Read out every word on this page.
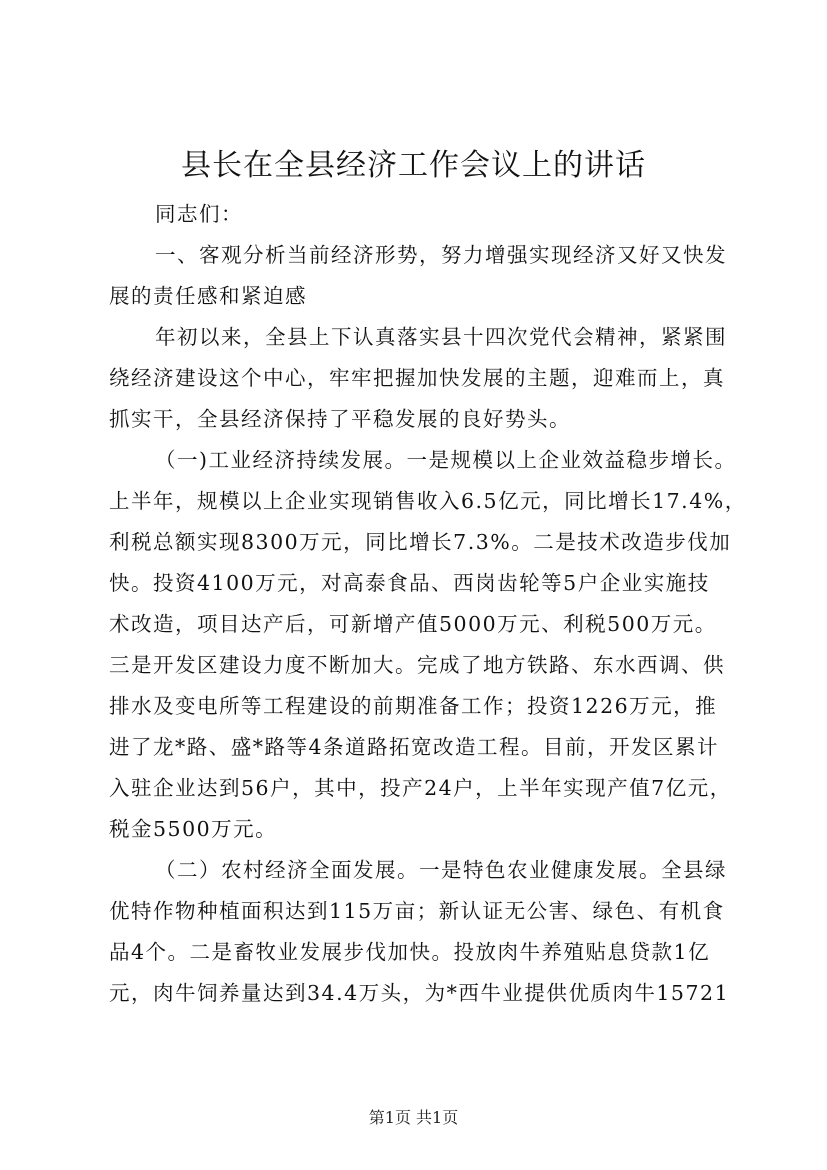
县长在全县经济工作会议上的讲话
同志们：
一、客观分析当前经济形势，努力增强实现经济又好又快发
展的责任感和紧迫感
年初以来，全县上下认真落实县十四次党代会精神，紧紧围
绕经济建设这个中心，牢牢把握加快发展的主题，迎难而上，真
抓实干，全县经济保持了平稳发展的良好势头。
（一)工业经济持续发展。一是规模以上企业效益稳步增长。
上半年，规模以上企业实现销售收入6.5亿元，同比增长17.4%，
利税总额实现8300万元，同比增长7.3%。二是技术改造步伐加
快。投资4100万元，对高泰食品、西岗齿轮等5户企业实施技
术改造，项目达产后，可新增产值5000万元、利税500万元。
三是开发区建设力度不断加大。完成了地方铁路、东水西调、供
排水及变电所等工程建设的前期准备工作；投资1226万元，推
进了龙*路、盛*路等4条道路拓宽改造工程。目前，开发区累计
入驻企业达到56户，其中，投产24户，上半年实现产值7亿元，
税金5500万元。
（二）农村经济全面发展。一是特色农业健康发展。全县绿
优特作物种植面积达到115万亩；新认证无公害、绿色、有机食
品4个。二是畜牧业发展步伐加快。投放肉牛养殖贴息贷款1亿
元，肉牛饲养量达到34.4万头，为*西牛业提供优质肉牛15721
第1页 共1页
